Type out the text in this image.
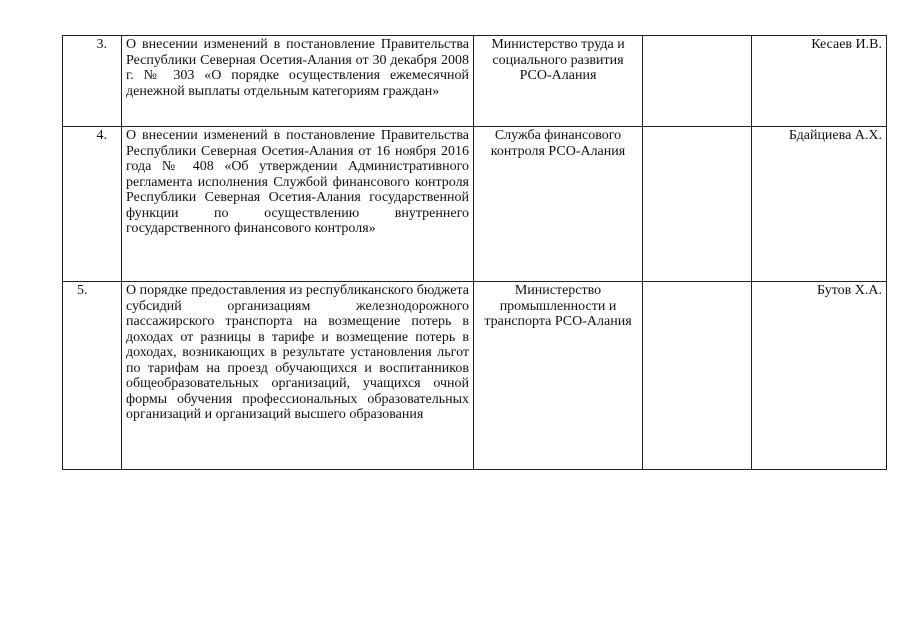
3.	О внесении изменений в постановление Правительства Республики Северная Осетия-Алания от 30 декабря 2008 г. № 303 «О порядке осуществления ежемесячной денежной выплаты отдельным категориям граждан»	Министерство труда и социального развития РСО-Алания		Кесаев И.В.
4.	О внесении изменений в постановление Правительства Республики Северная Осетия-Алания от 16 ноября 2016 года № 408 «Об утверждении Административного регламента исполнения Службой финансового контроля Республики Северная Осетия-Алания государственной функции по осуществлению внутреннего государственного финансового контроля»	Служба финансового контроля РСО-Алания		Бдайциева А.Х.
5.	О порядке предоставления из республиканского бюджета субсидий организациям железнодорожного пассажирского транспорта на возмещение потерь в доходах от разницы в тарифе и возмещение потерь в доходах, возникающих в результате установления льгот по тарифам на проезд обучающихся и воспитанников общеобразовательных организаций, учащихся очной формы обучения профессиональных образовательных организаций и организаций высшего образования	Министерство промышленности и транспорта РСО-Алания		Бутов Х.А.
